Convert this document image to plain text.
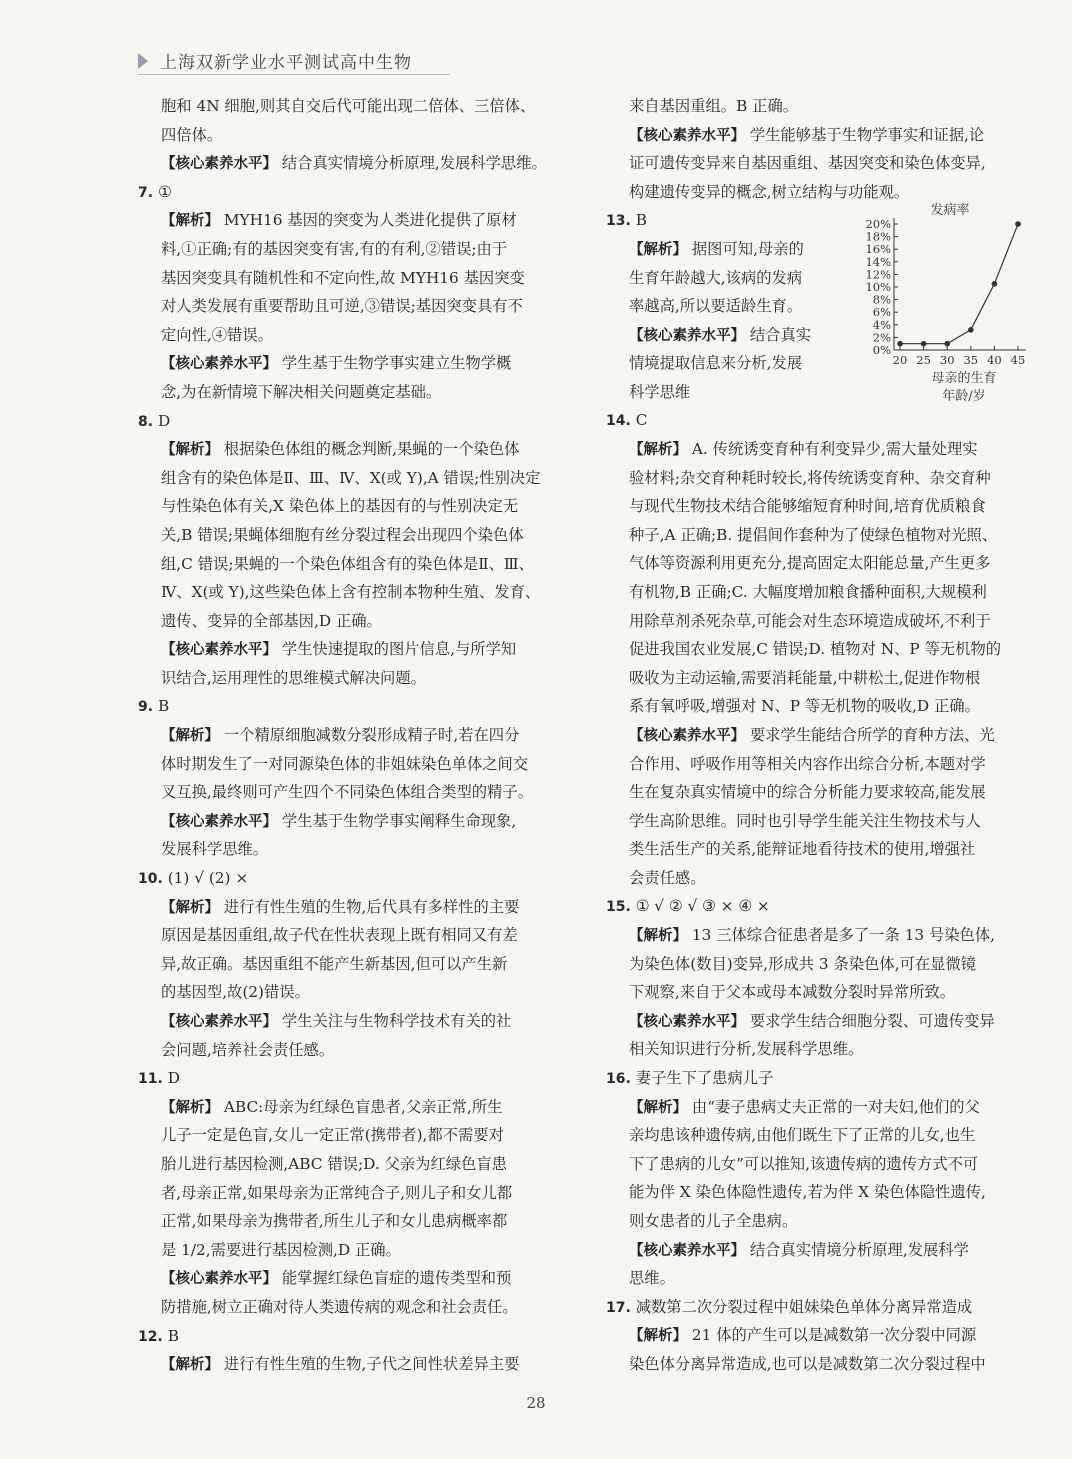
上海双新学业水平测试高中生物
胞和 4N 细胞,则其自交后代可能出现二倍体、三倍体、
四倍体。
【核心素养水平】 结合真实情境分析原理,发展科学思维。
7. ①
【解析】 MYH16 基因的突变为人类进化提供了原材
料,①正确;有的基因突变有害,有的有利,②错误;由于
基因突变具有随机性和不定向性,故 MYH16 基因突变
对人类发展有重要帮助且可逆,③错误;基因突变具有不
定向性,④错误。
【核心素养水平】 学生基于生物学事实建立生物学概
念,为在新情境下解决相关问题奠定基础。
8. D
【解析】 根据染色体组的概念判断,果蝇的一个染色体
组含有的染色体是Ⅱ、Ⅲ、Ⅳ、X(或 Y),A 错误;性别决定
与性染色体有关,X 染色体上的基因有的与性别决定无
关,B 错误;果蝇体细胞有丝分裂过程会出现四个染色体
组,C 错误;果蝇的一个染色体组含有的染色体是Ⅱ、Ⅲ、
Ⅳ、X(或 Y),这些染色体上含有控制本物种生殖、发育、
遗传、变异的全部基因,D 正确。
【核心素养水平】 学生快速提取的图片信息,与所学知
识结合,运用理性的思维模式解决问题。
9. B
【解析】 一个精原细胞减数分裂形成精子时,若在四分
体时期发生了一对同源染色体的非姐妹染色单体之间交
叉互换,最终则可产生四个不同染色体组合类型的精子。
【核心素养水平】 学生基于生物学事实阐释生命现象,
发展科学思维。
10. (1) √ (2) ×
【解析】 进行有性生殖的生物,后代具有多样性的主要
原因是基因重组,故子代在性状表现上既有相同又有差
异,故正确。基因重组不能产生新基因,但可以产生新
的基因型,故(2)错误。
【核心素养水平】 学生关注与生物科学技术有关的社
会问题,培养社会责任感。
11. D
【解析】 ABC:母亲为红绿色盲患者,父亲正常,所生
儿子一定是色盲,女儿一定正常(携带者),都不需要对
胎儿进行基因检测,ABC 错误;D. 父亲为红绿色盲患
者,母亲正常,如果母亲为正常纯合子,则儿子和女儿都
正常,如果母亲为携带者,所生儿子和女儿患病概率都
是 1/2,需要进行基因检测,D 正确。
【核心素养水平】 能掌握红绿色盲症的遗传类型和预
防措施,树立正确对待人类遗传病的观念和社会责任。
12. B
【解析】 进行有性生殖的生物,子代之间性状差异主要
来自基因重组。B 正确。
【核心素养水平】 学生能够基于生物学事实和证据,论
证可遗传变异来自基因重组、基因突变和染色体变异,
构建遗传变异的概念,树立结构与功能观。
13. B
【解析】 据图可知,母亲的
生育年龄越大,该病的发病
率越高,所以要适龄生育。
【核心素养水平】 结合真实
情境提取信息来分析,发展
科学思维
发病率
0%
2%
4%
6%
8%
10%
12%
14%
16%
18%
20%
20 25 30 35 40 45
母亲的生育
年龄/岁
14. C
【解析】 A. 传统诱变育种有利变异少,需大量处理实
验材料;杂交育种耗时较长,将传统诱变育种、杂交育种
与现代生物技术结合能够缩短育种时间,培育优质粮食
种子,A 正确;B. 提倡间作套种为了使绿色植物对光照、
气体等资源利用更充分,提高固定太阳能总量,产生更多
有机物,B 正确;C. 大幅度增加粮食播种面积,大规模利
用除草剂杀死杂草,可能会对生态环境造成破坏,不利于
促进我国农业发展,C 错误;D. 植物对 N、P 等无机物的
吸收为主动运输,需要消耗能量,中耕松土,促进作物根
系有氧呼吸,增强对 N、P 等无机物的吸收,D 正确。
【核心素养水平】 要求学生能结合所学的育种方法、光
合作用、呼吸作用等相关内容作出综合分析,本题对学
生在复杂真实情境中的综合分析能力要求较高,能发展
学生高阶思维。同时也引导学生能关注生物技术与人
类生活生产的关系,能辩证地看待技术的使用,增强社
会责任感。
15. ① √ ② √ ③ × ④ ×
【解析】 13 三体综合征患者是多了一条 13 号染色体,
为染色体(数目)变异,形成共 3 条染色体,可在显微镜
下观察,来自于父本或母本减数分裂时异常所致。
【核心素养水平】 要求学生结合细胞分裂、可遗传变异
相关知识进行分析,发展科学思维。
16. 妻子生下了患病儿子
【解析】 由“妻子患病丈夫正常的一对夫妇,他们的父
亲均患该种遗传病,由他们既生下了正常的儿女,也生
下了患病的儿女”可以推知,该遗传病的遗传方式不可
能为伴 X 染色体隐性遗传,若为伴 X 染色体隐性遗传,
则女患者的儿子全患病。
【核心素养水平】 结合真实情境分析原理,发展科学
思维。
17. 减数第二次分裂过程中姐妹染色单体分离异常造成
【解析】 21 体的产生可以是减数第一次分裂中同源
染色体分离异常造成,也可以是减数第二次分裂过程中
28
